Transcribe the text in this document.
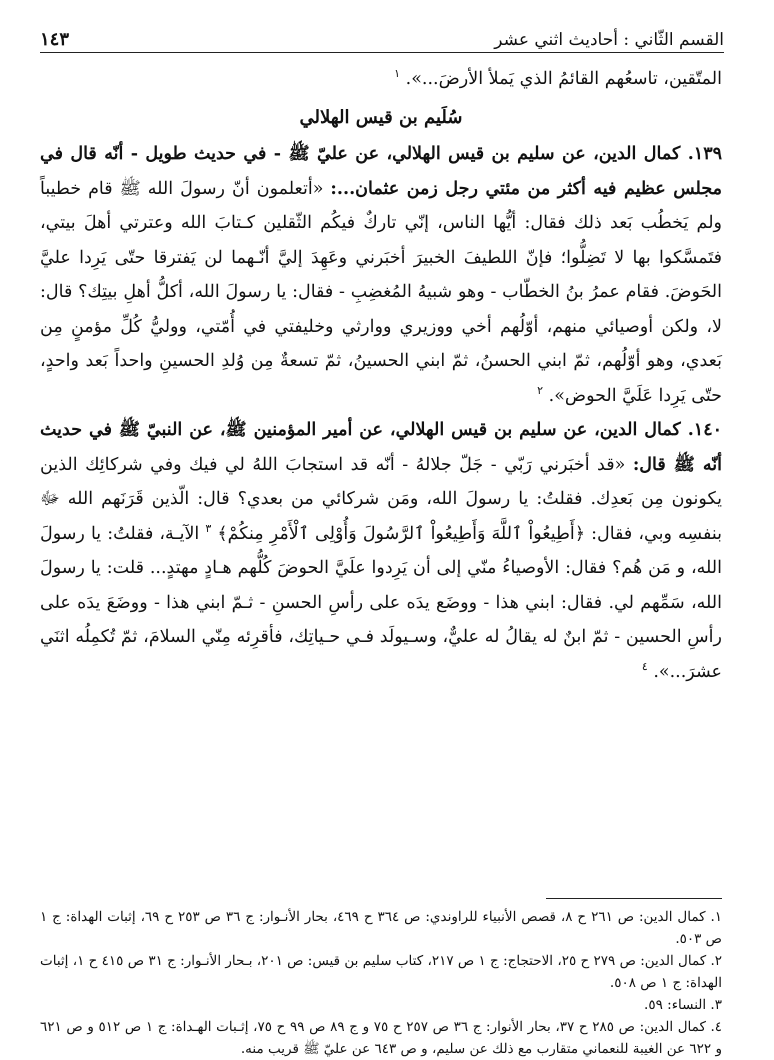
القسم الثّاني : أحاديث اثني عشر
١٤٣

المتّقين، تاسعُهم القائمُ الذي يَملأ الأرضَ...». $^١$

سُلَيم بن قيس الهلالي

١٣٩. كمال الدين، عن سليم بن قيس الهلالي، عن عليّ ﷺ - في حديث طويل - أنّه قال في مجلس عظيم فيه أكثر من مئتي رجل زمن عثمان...: «أتعلمون أنّ رسولَ الله ﷺ قام خطيباً ولم يَخطُب بَعد ذلك فقال: أيُّها الناس، إنّي تاركٌ فيكُم الثّقلين كـتابَ الله وعترتي أهلَ بيتي، فتَمسَّكوا بها لا تَضِلُّوا؛ فإنّ اللطيفَ الخبيرَ أخبَرني وعَهِدَ إليَّ أنّـهما لن يَفترقا حتّى يَرِدا عليَّ الحَوضَ. فقام عمرُ بنُ الخطّاب - وهو شبيهُ المُغضِبِ - فقال: يا رسولَ الله، أكلُّ أهلِ بيتِك؟ قال: لا، ولكن أوصيائي منهم، أوّلُهم أخي ووزيري ووارثي وخليفتي في أُمّتي، ووليُّ كُلِّ مؤمنٍ مِن بَعدي، وهو أوّلُهم، ثمّ ابني الحسنُ، ثمّ ابني الحسينُ، ثمّ تسعةٌ مِن وُلدِ الحسينِ واحداً بَعد واحدٍ، حتّى يَرِدا عَلَيَّ الحوض». $^٢$

١٤٠. كمال الدين، عن سليم بن قيس الهلالي، عن أمير المؤمنين ﷺ، عن النبيّ ﷺ في حديث أنّه ﷺ قال: «قد أخبَرني رَبّي - جَلّ جلالهُ - أنّه قد استجابَ اللهُ لي فيك وفي شركائِك الذين يكونون مِن بَعدِك. فقلتُ: يا رسولَ الله، ومَن شركائي من بعدي؟ قال: الّذين قَرَنَهم الله ﷻ بنفسِه وبي، فقال: ﴿أَطِيعُواْ ٱللَّهَ وَأَطِيعُواْ ٱلرَّسُولَ وَأُوْلِى ٱلْأَمْرِ مِنكُمْ﴾ $^٣$ الآيـة، فقلتُ: يا رسولَ الله، و مَن هُم؟ فقال: الأوصياءُ منّي إلى أن يَرِدوا علَيَّ الحوضَ كُلُّهم هـادٍ مهتدٍ... قلت: يا رسولَ الله، سَمِّهم لي. فقال: ابني هذا - ووضَع يدَه على رأسِ الحسنِ - ثـمّ ابني هذا - ووضَعَ يدَه على رأسِ الحسين - ثمّ ابنٌ له يقالُ له عليٌّ، وسـيولَد فـي حـياتِك، فأقرِئه مِنّي السلامَ، ثمّ تُكمِلُه اثنَي عشرَ...». $^٤$

١. كمال الدين: ص ٢٦١ ح ٨، قصص الأنبياء للراوندي: ص ٣٦٤ ح ٤٦٩، بحار الأنـوار: ج ٣٦ ص ٢٥٣ ح ٦٩، إثبات الهداة: ج ١ ص ٥٠٣.

٢. كمال الدين: ص ٢٧٩ ح ٢٥، الاحتجاج: ج ١ ص ٢١٧، كتاب سليم بن قيس: ص ٢٠١، بـحار الأنـوار: ج ٣١ ص ٤١٥ ح ١، إثبات الهداة: ج ١ ص ٥٠٨.

٣. النساء: ٥٩.

٤. كمال الدين: ص ٢٨٥ ح ٣٧، بحار الأنوار: ج ٣٦ ص ٢٥٧ ح ٧٥ و ج ٨٩ ص ٩٩ ح ٧٥، إثـبات الهـداة: ج ١ ص ٥١٢ و ص ٦٢١ و ٦٢٢ عن الغيبة للنعماني متقارب مع ذلك عن سليم، و ص ٦٤٣ عن عليّ ﷺ قريب منه.
